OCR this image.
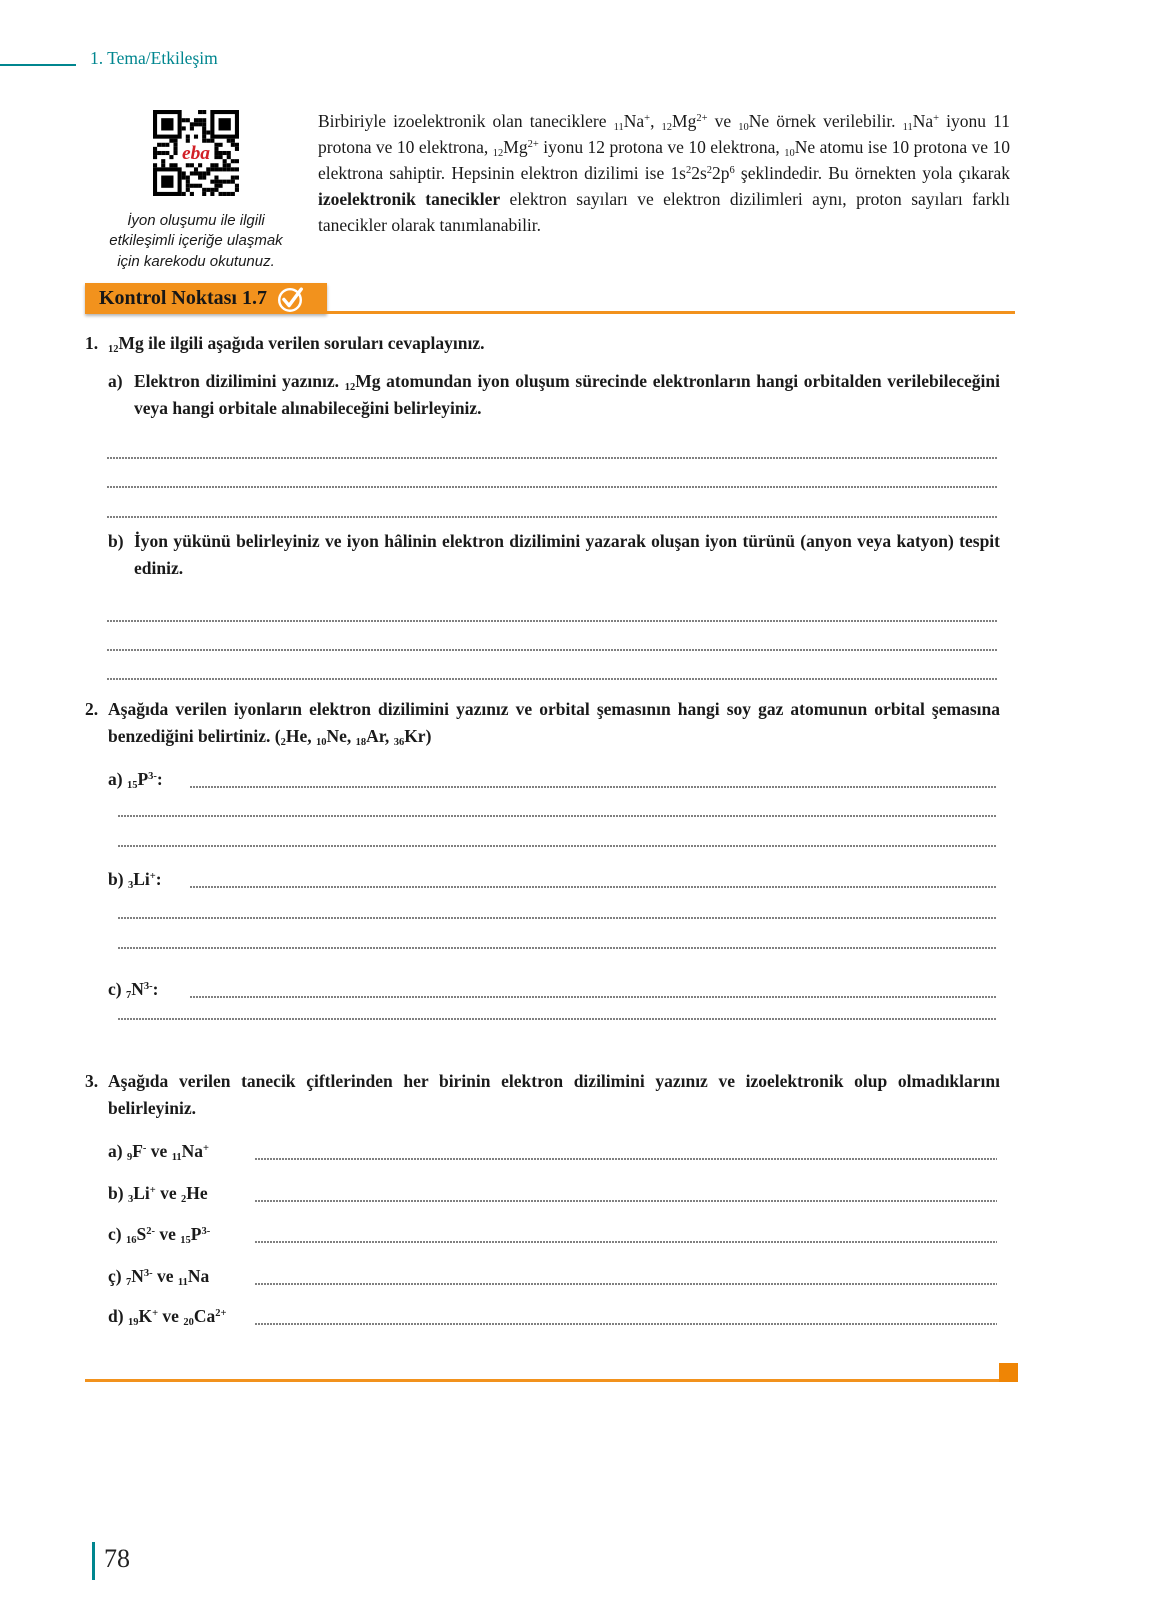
1. Tema/Etkileşim
eba
İyon oluşumu ile ilgili
etkileşimli içeriğe ulaşmak
için karekodu okutunuz.
Birbiriyle izoelektronik olan taneciklere $_{11}$Na+, $_{12}Mg^{2+}$ ve $_{10}$Ne örnek verilebilir. $_{11}$Na+ iyonu 11 protona ve 10 elektrona, $_{12}Mg^{2+}$ iyonu 12 protona ve 10 elektrona, $_{10}$Ne atomu ise 10 protona ve 10 elektrona sahiptir. Hepsinin elektron dizilimi ise $1s^22s^22p^6$ şeklindedir. Bu örnekten yola çıkarak izoelektronik tanecikler elektron sayıları ve elektron dizilimleri aynı, proton sayıları farklı tanecikler olarak tanımlanabilir.
Kontrol Noktası 1.7
1. $_{12}$Mg ile ilgili aşağıda verilen soruları cevaplayınız.
a) Elektron dizilimini yazınız. $_{12}$Mg atomundan iyon oluşum sürecinde elektronların hangi orbitalden verilebileceğini veya hangi orbitale alınabileceğini belirleyiniz.
b) İyon yükünü belirleyiniz ve iyon hâlinin elektron dizilimini yazarak oluşan iyon türünü (anyon veya katyon) tespit ediniz.
2. Aşağıda verilen iyonların elektron dizilimini yazınız ve orbital şemasının hangi soy gaz atomunun orbital şemasına benzediğini belirtiniz. ($_2He$, $_{10}$Ne, $_{18}$Ar, $_{36}$Kr)
a) $_{15}P^{3-}$:
b) $_3$Li+:
c) $_7N^{3-}$:
3. Aşağıda verilen tanecik çiftlerinden her birinin elektron dizilimini yazınız ve izoelektronik olup olmadıklarını belirleyiniz.
a) $_9$F- ve $_{11}$Na+
b) $_3$Li+ ve $_2$He
c) $_{16}S^{2-}$ ve $_{15}P^{3-}$
ç) $_7N^{3-}$ ve $_{11}$Na
d) $_{19}$K+ ve $_{20}Ca^{2+}$
78
